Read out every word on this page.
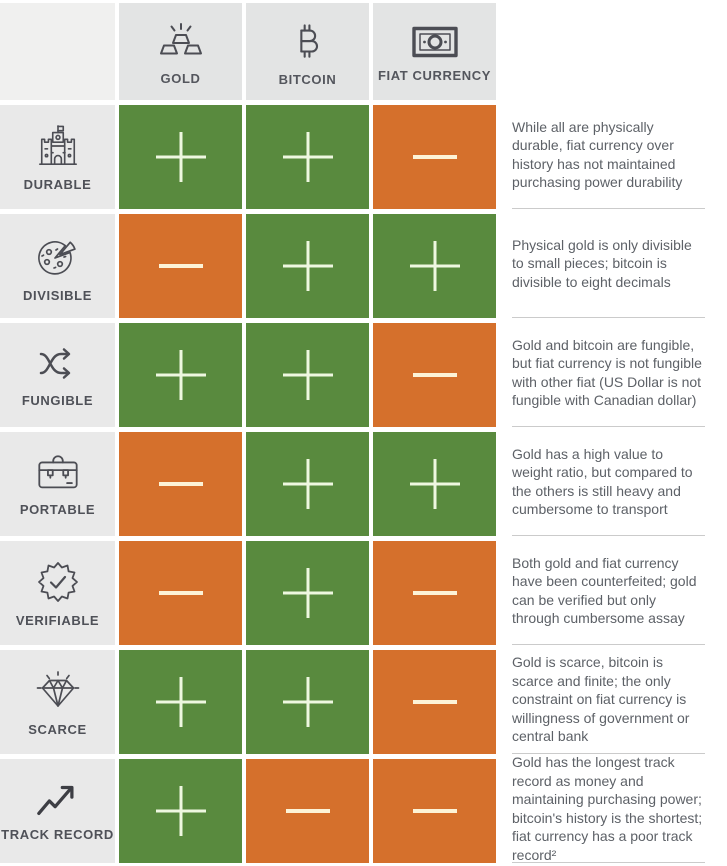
GOLD	BITCOIN	FIAT CURRENCY
DURABLE

While all are physically durable, fiat currency over history has not maintained purchasing power durability

DIVISIBLE

Physical gold is only divisible to small pieces; bitcoin is divisible to eight decimals

FUNGIBLE

Gold and bitcoin are fungible, but fiat currency is not fungible with other fiat (US Dollar is not fungible with Canadian dollar)

PORTABLE

Gold has a high value to weight ratio, but compared to the others is still heavy and cumbersome to transport

VERIFIABLE

Both gold and fiat currency have been counterfeited; gold can be verified but only through cumbersome assay

SCARCE

Gold is scarce, bitcoin is scarce and finite; the only constraint on fiat currency is willingness of government or central bank

TRACK RECORD

Gold has the longest track record as money and maintaining purchasing power; bitcoin's history is the shortest; fiat currency has a poor track record²
